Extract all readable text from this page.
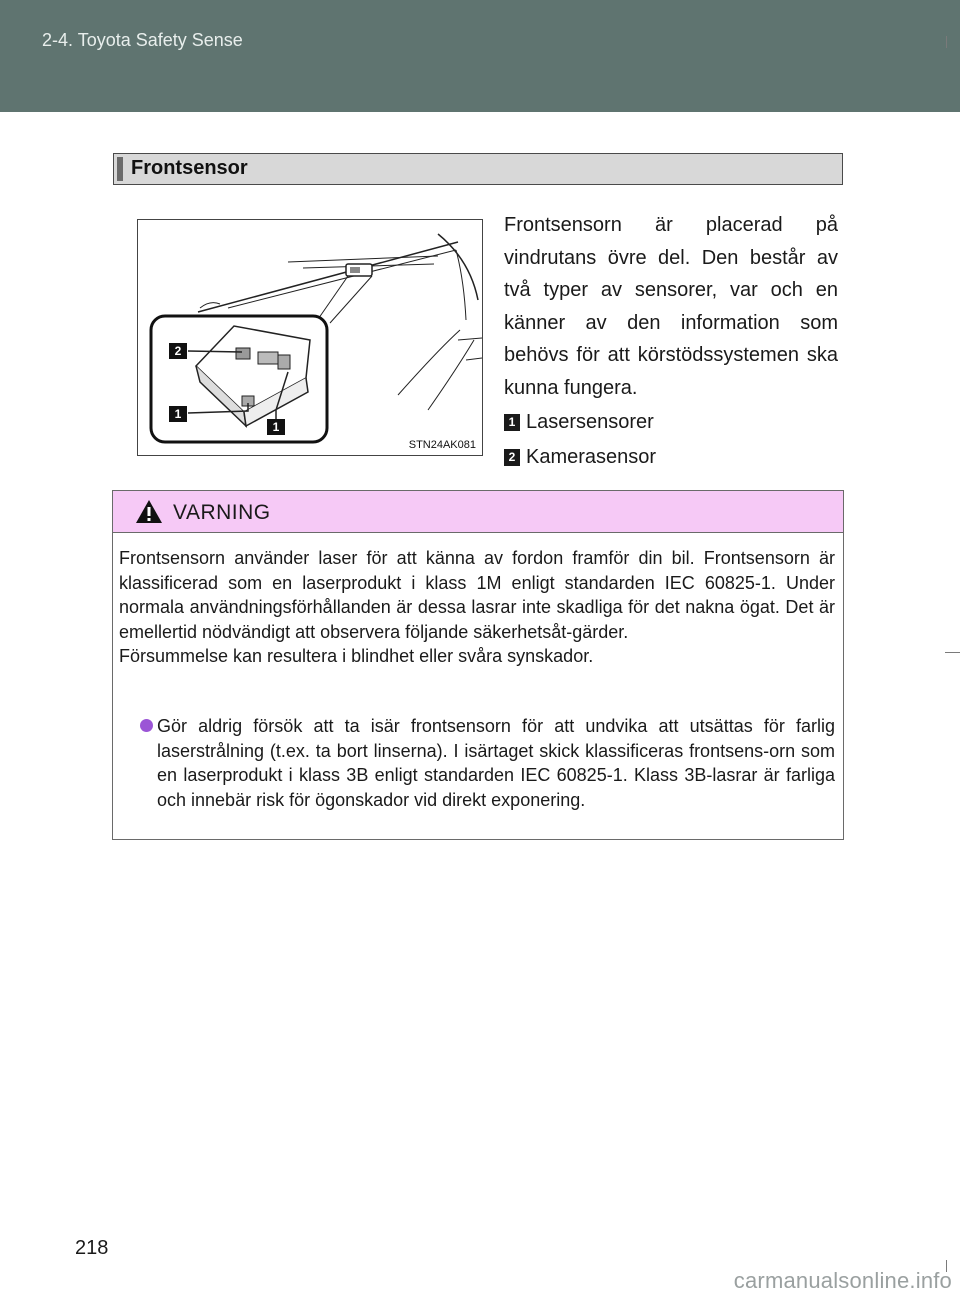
2-4. Toyota Safety Sense
Frontsensor
2
1
1
STN24AK081
Frontsensorn är placerad på vindrutans övre del. Den består av två typer av sensorer, var och en känner av den information som behövs för att körstödssystemen ska kunna fungera.
1 Lasersensorer
2 Kamerasensor
VARNING
Frontsensorn använder laser för att känna av fordon framför din bil. Frontsensorn är klassificerad som en laserprodukt i klass 1M enligt standarden IEC 60825-1. Under normala användningsförhållanden är dessa lasrar inte skadliga för det nakna ögat. Det är emellertid nödvändigt att observera följande säkerhetsåt-gärder.
Försummelse kan resultera i blindhet eller svåra synskador.
Gör aldrig försök att ta isär frontsensorn för att undvika att utsättas för farlig laserstrålning (t.ex. ta bort linserna). I isärtaget skick klassificeras frontsens-orn som en laserprodukt i klass 3B enligt standarden IEC 60825-1. Klass 3B-lasrar är farliga och innebär risk för ögonskador vid direkt exponering.
218
carmanualsonline.info
